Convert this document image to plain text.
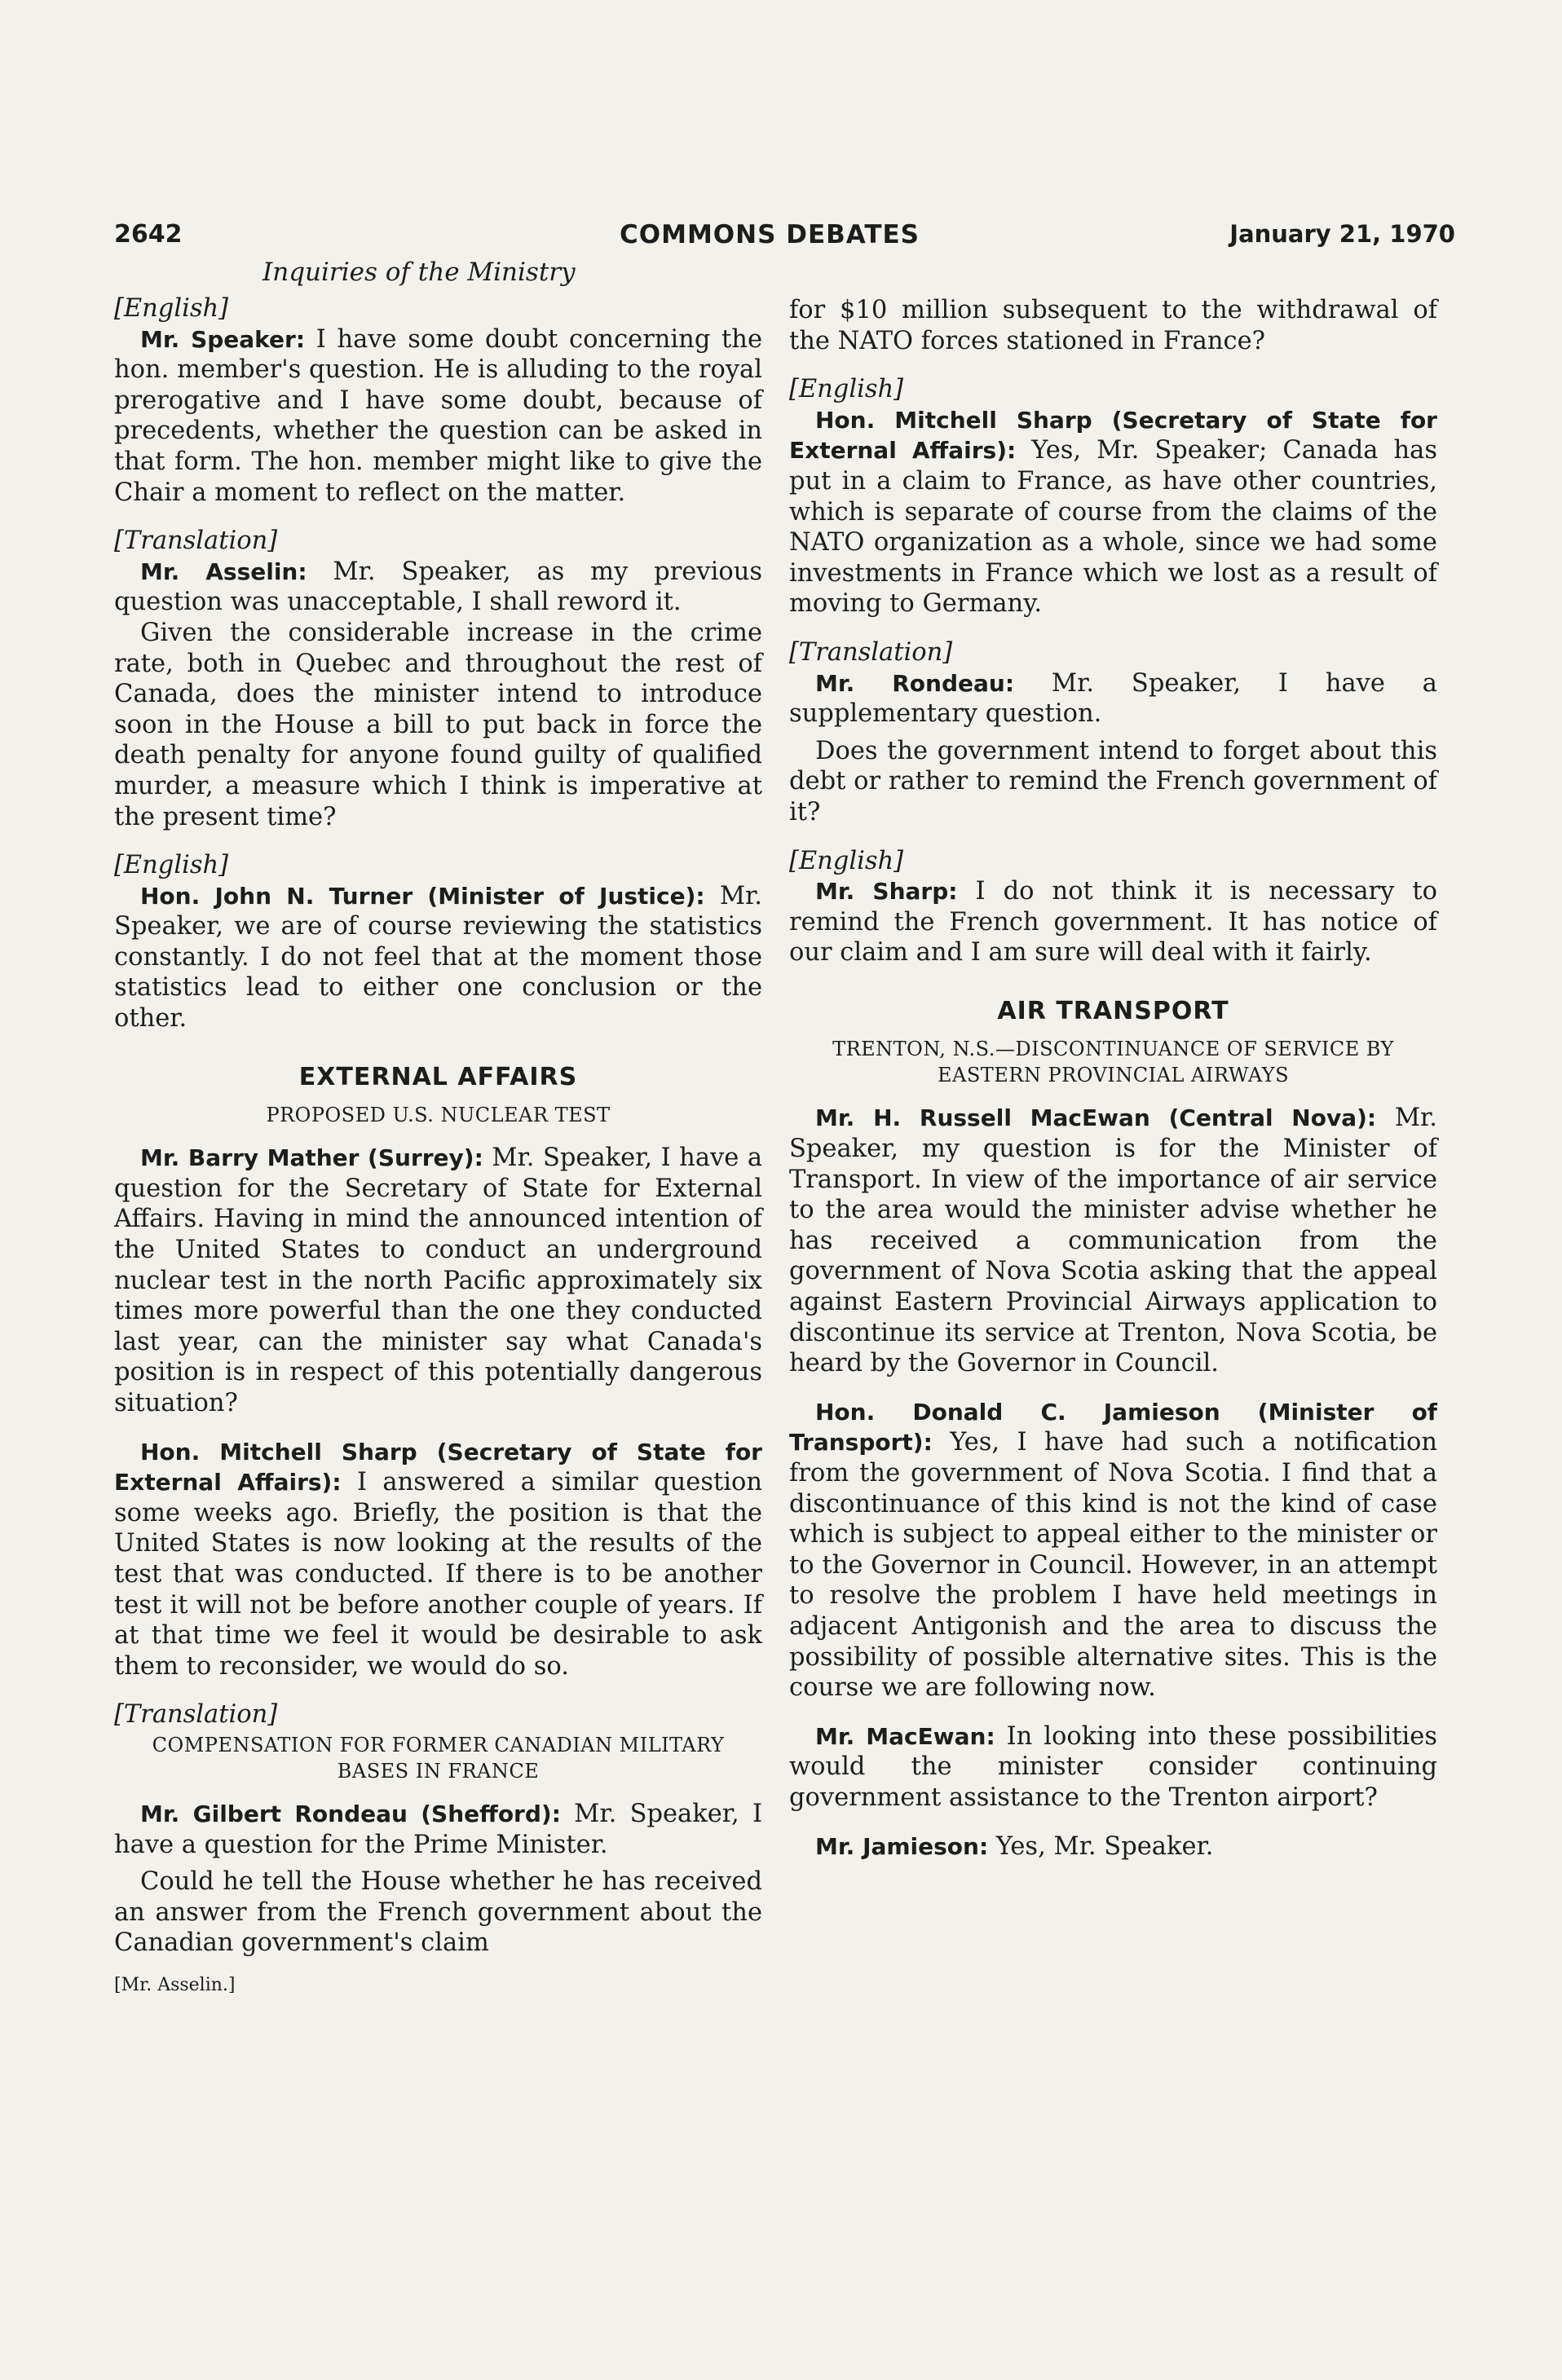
2642	COMMONS DEBATES	January 21, 1970
Inquiries of the Ministry

[English]

Mr. Speaker: I have some doubt concerning the hon. member's question. He is alluding to the royal prerogative and I have some doubt, because of precedents, whether the question can be asked in that form. The hon. member might like to give the Chair a moment to reflect on the matter.

[Translation]

Mr. Asselin: Mr. Speaker, as my previous question was unacceptable, I shall reword it.

Given the considerable increase in the crime rate, both in Quebec and throughout the rest of Canada, does the minister intend to introduce soon in the House a bill to put back in force the death penalty for anyone found guilty of qualified murder, a measure which I think is imperative at the present time?

[English]

Hon. John N. Turner (Minister of Justice): Mr. Speaker, we are of course reviewing the statistics constantly. I do not feel that at the moment those statistics lead to either one conclusion or the other.

EXTERNAL AFFAIRS

PROPOSED U.S. NUCLEAR TEST

Mr. Barry Mather (Surrey): Mr. Speaker, I have a question for the Secretary of State for External Affairs. Having in mind the announced intention of the United States to conduct an underground nuclear test in the north Pacific approximately six times more powerful than the one they conducted last year, can the minister say what Canada's position is in respect of this potentially dangerous situation?

Hon. Mitchell Sharp (Secretary of State for External Affairs): I answered a similar question some weeks ago. Briefly, the position is that the United States is now looking at the results of the test that was conducted. If there is to be another test it will not be before another couple of years. If at that time we feel it would be desirable to ask them to reconsider, we would do so.

[Translation]

COMPENSATION FOR FORMER CANADIAN MILITARY BASES IN FRANCE

Mr. Gilbert Rondeau (Shefford): Mr. Speaker, I have a question for the Prime Minister.

Could he tell the House whether he has received an answer from the French government about the Canadian government's claim

[Mr. Asselin.]

for $10 million subsequent to the withdrawal of the NATO forces stationed in France?

[English]

Hon. Mitchell Sharp (Secretary of State for External Affairs): Yes, Mr. Speaker; Canada has put in a claim to France, as have other countries, which is separate of course from the claims of the NATO organization as a whole, since we had some investments in France which we lost as a result of moving to Germany.

[Translation]

Mr. Rondeau: Mr. Speaker, I have a supplementary question.

Does the government intend to forget about this debt or rather to remind the French government of it?

[English]

Mr. Sharp: I do not think it is necessary to remind the French government. It has notice of our claim and I am sure will deal with it fairly.

AIR TRANSPORT

TRENTON, N.S.—DISCONTINUANCE OF SERVICE BY EASTERN PROVINCIAL AIRWAYS

Mr. H. Russell MacEwan (Central Nova): Mr. Speaker, my question is for the Minister of Transport. In view of the importance of air service to the area would the minister advise whether he has received a communication from the government of Nova Scotia asking that the appeal against Eastern Provincial Airways application to discontinue its service at Trenton, Nova Scotia, be heard by the Governor in Council.

Hon. Donald C. Jamieson (Minister of Transport): Yes, I have had such a notification from the government of Nova Scotia. I find that a discontinuance of this kind is not the kind of case which is subject to appeal either to the minister or to the Governor in Council. However, in an attempt to resolve the problem I have held meetings in adjacent Antigonish and the area to discuss the possibility of possible alternative sites. This is the course we are following now.

Mr. MacEwan: In looking into these possibilities would the minister consider continuing government assistance to the Trenton airport?

Mr. Jamieson: Yes, Mr. Speaker.
